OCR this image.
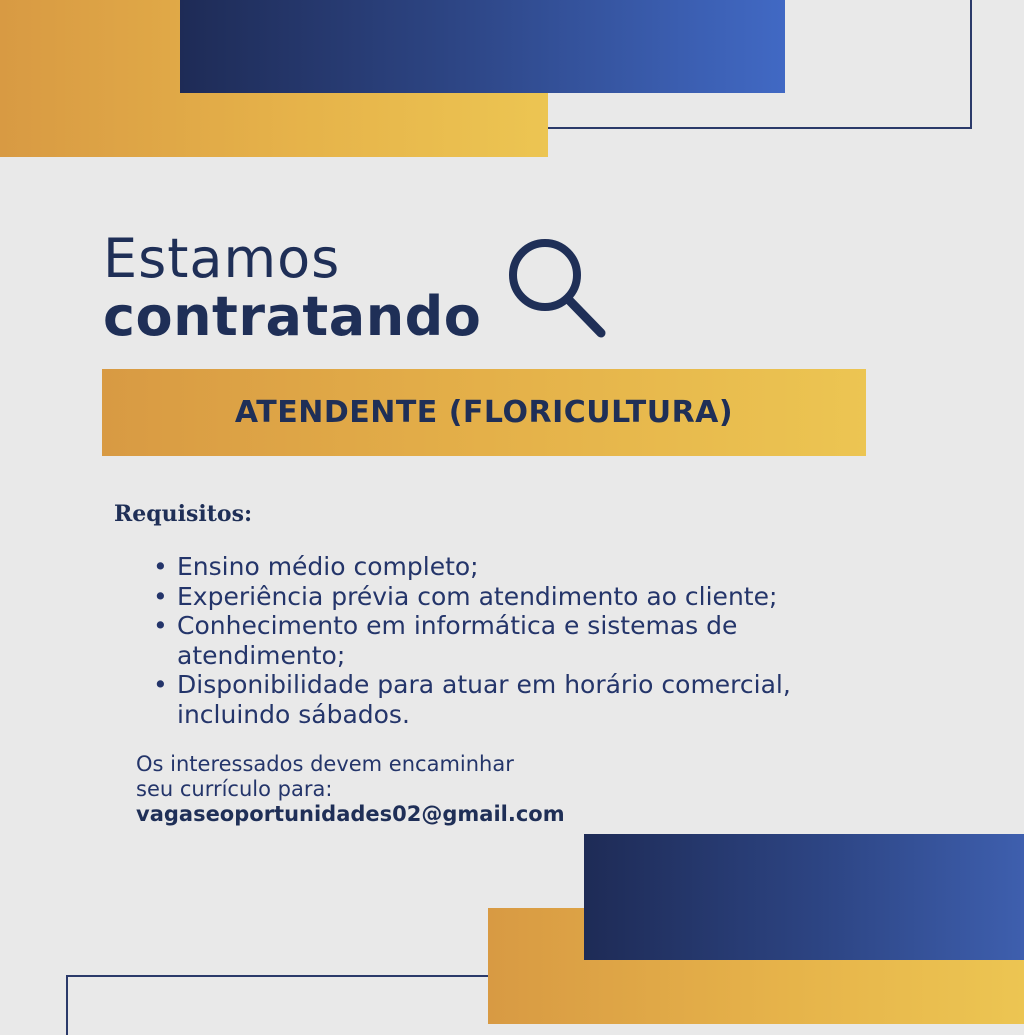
Estamos
contratando
ATENDENTE (FLORICULTURA)
Requisitos:
• Ensino médio completo;
• Experiência prévia com atendimento ao cliente;
• Conhecimento em informática e sistemas de atendimento;
• Disponibilidade para atuar em horário comercial, incluindo sábados.
Os interessados devem encaminhar
seu currículo para:
vagaseoportunidades02@gmail.com
